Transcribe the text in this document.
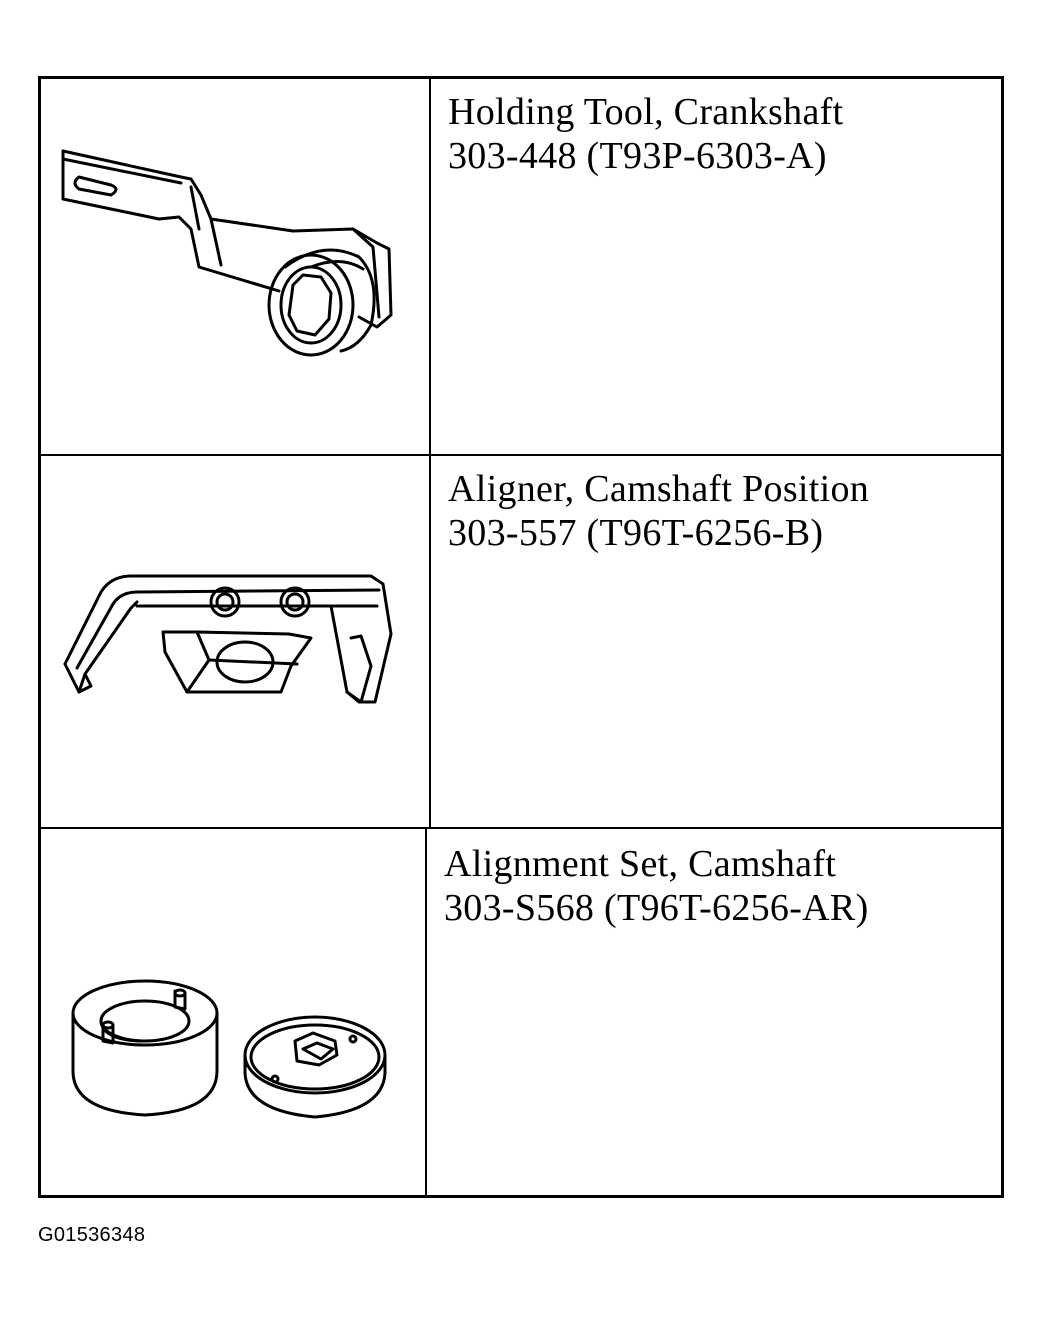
Holding Tool, Crankshaft
303-448 (T93P-6303-A)
Aligner, Camshaft Position
303-557 (T96T-6256-B)
Alignment Set, Camshaft
303-S568 (T96T-6256-AR)
G01536348
